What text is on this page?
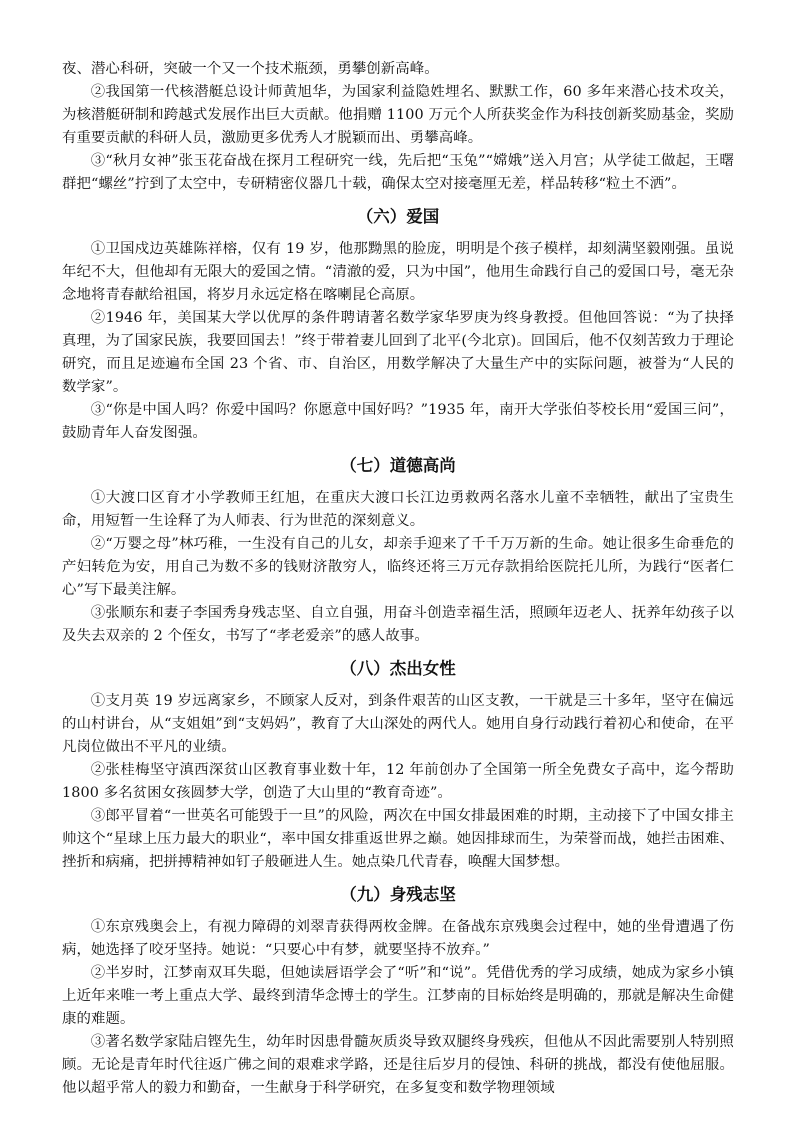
夜、潜心科研，突破一个又一个技术瓶颈，勇攀创新高峰。

②我国第一代核潜艇总设计师黄旭华，为国家利益隐姓埋名、默默工作，60 多年来潜心技术攻关，为核潜艇研制和跨越式发展作出巨大贡献。他捐赠 1100 万元个人所获奖金作为科技创新奖励基金，奖励有重要贡献的科研人员，激励更多优秀人才脱颖而出、勇攀高峰。

③“秋月女神”张玉花奋战在探月工程研究一线，先后把“玉兔”“嫦娥”送入月宫；从学徒工做起，王曙群把“螺丝”拧到了太空中，专研精密仪器几十载，确保太空对接毫厘无差，样品转移“粒土不洒”。

（六）爱国

①卫国戍边英雄陈祥榕，仅有 19 岁，他那黝黑的脸庞，明明是个孩子模样，却刻满坚毅刚强。虽说年纪不大，但他却有无限大的爱国之情。“清澈的爱，只为中国”，他用生命践行自己的爱国口号，毫无杂念地将青春献给祖国，将岁月永远定格在喀喇昆仑高原。

②1946 年，美国某大学以优厚的条件聘请著名数学家华罗庚为终身教授。但他回答说：“为了抉择真理，为了国家民族，我要回国去！”终于带着妻儿回到了北平(今北京)。回国后，他不仅刻苦致力于理论研究，而且足迹遍布全国 23 个省、市、自治区，用数学解决了大量生产中的实际问题，被誉为“人民的数学家”。

③“你是中国人吗？你爱中国吗？你愿意中国好吗？”1935 年，南开大学张伯苓校长用“爱国三问”，鼓励青年人奋发图强。

（七）道德高尚

①大渡口区育才小学教师王红旭，在重庆大渡口长江边勇救两名落水儿童不幸牺牲，献出了宝贵生命，用短暂一生诠释了为人师表、行为世范的深刻意义。

②“万婴之母”林巧稚，一生没有自己的儿女，却亲手迎来了千千万万新的生命。她让很多生命垂危的产妇转危为安，用自己为数不多的钱财济散穷人，临终还将三万元存款捐给医院托儿所，为践行“医者仁心”写下最美注解。

③张顺东和妻子李国秀身残志坚、自立自强，用奋斗创造幸福生活，照顾年迈老人、抚养年幼孩子以及失去双亲的 2 个侄女，书写了“孝老爱亲”的感人故事。

（八）杰出女性

①支月英 19 岁远离家乡，不顾家人反对，到条件艰苦的山区支教，一干就是三十多年，坚守在偏远的山村讲台，从“支姐姐”到“支妈妈”，教育了大山深处的两代人。她用自身行动践行着初心和使命，在平凡岗位做出不平凡的业绩。

②张桂梅坚守滇西深贫山区教育事业数十年，12 年前创办了全国第一所全免费女子高中，迄今帮助 1800 多名贫困女孩圆梦大学，创造了大山里的“教育奇迹”。

③郎平冒着“一世英名可能毁于一旦”的风险，两次在中国女排最困难的时期，主动接下了中国女排主帅这个“星球上压力最大的职业“，率中国女排重返世界之巅。她因排球而生，为荣誉而战，她拦击困难、挫折和病痛，把拼搏精神如钉子般砸进人生。她点染几代青春，唤醒大国梦想。

（九）身残志坚

①东京残奥会上，有视力障碍的刘翠青获得两枚金牌。在备战东京残奥会过程中，她的坐骨遭遇了伤病，她选择了咬牙坚持。她说：“只要心中有梦，就要坚持不放弃。”

②半岁时，江梦南双耳失聪，但她读唇语学会了“听”和“说”。凭借优秀的学习成绩，她成为家乡小镇上近年来唯一考上重点大学、最终到清华念博士的学生。江梦南的目标始终是明确的，那就是解决生命健康的难题。

③著名数学家陆启铿先生，幼年时因患骨髓灰质炎导致双腿终身残疾，但他从不因此需要别人特别照顾。无论是青年时代往返广佛之间的艰难求学路，还是往后岁月的侵蚀、科研的挑战，都没有使他屈服。他以超乎常人的毅力和勤奋，一生献身于科学研究，在多复变和数学物理领域
